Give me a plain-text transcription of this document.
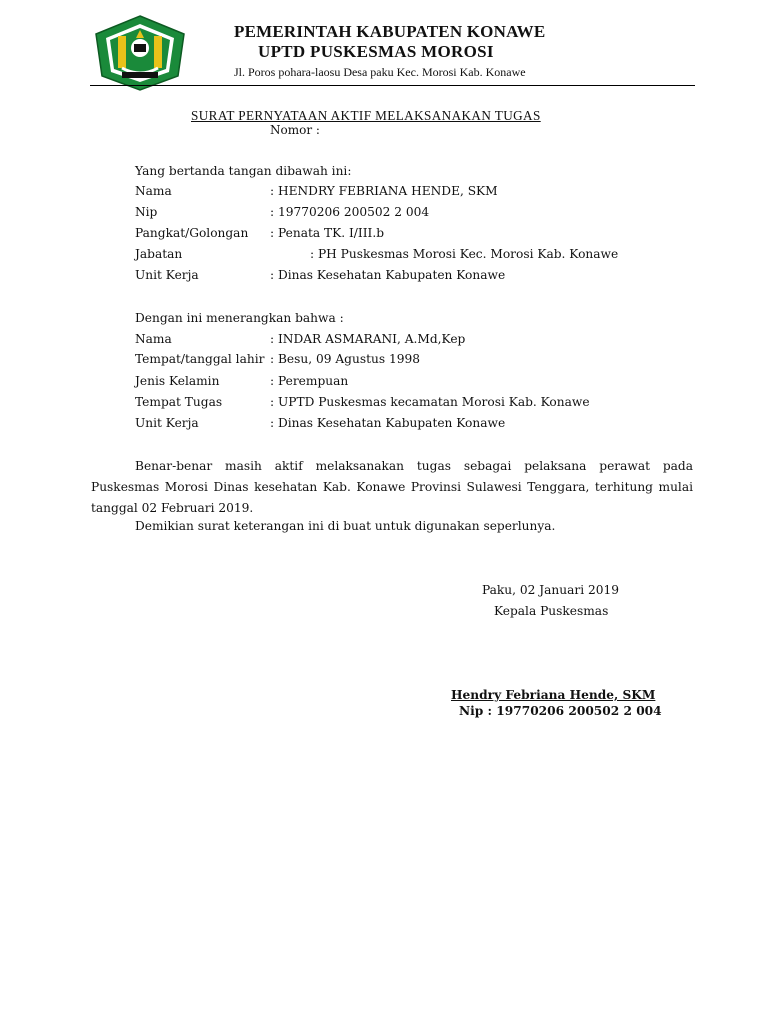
PEMERINTAH KABUPATEN KONAWE
UPTD PUSKESMAS MOROSI
Jl. Poros pohara-laosu Desa paku Kec. Morosi Kab. Konawe
SURAT PERNYATAAN AKTIF MELAKSANAKAN TUGAS
Nomor :
Yang bertanda tangan dibawah ini:
Nama	: HENDRY FEBRIANA HENDE, SKM
Nip	: 19770206 200502 2 004
Pangkat/Golongan : Penata TK. I/III.b
Jabatan	: PH Puskesmas Morosi Kec. Morosi Kab. Konawe
Unit Kerja	: Dinas Kesehatan Kabupaten Konawe
Dengan ini menerangkan bahwa :
Nama	: INDAR ASMARANI, A.Md,Kep
Tempat/tanggal lahir : Besu, 09 Agustus 1998
Jenis Kelamin	: Perempuan
Tempat Tugas	: UPTD Puskesmas kecamatan Morosi Kab. Konawe
Unit Kerja	: Dinas Kesehatan Kabupaten Konawe

Benar-benar masih aktif melaksanakan tugas sebagai pelaksana perawat pada Puskesmas Morosi Dinas kesehatan Kab. Konawe Provinsi Sulawesi Tenggara, terhitung mulai tanggal 02 Februari 2019.

Demikian surat keterangan ini di buat untuk digunakan seperlunya.
Paku, 02 Januari 2019
Kepala Puskesmas
Hendry Febriana Hende, SKM
Nip : 19770206 200502 2 004
